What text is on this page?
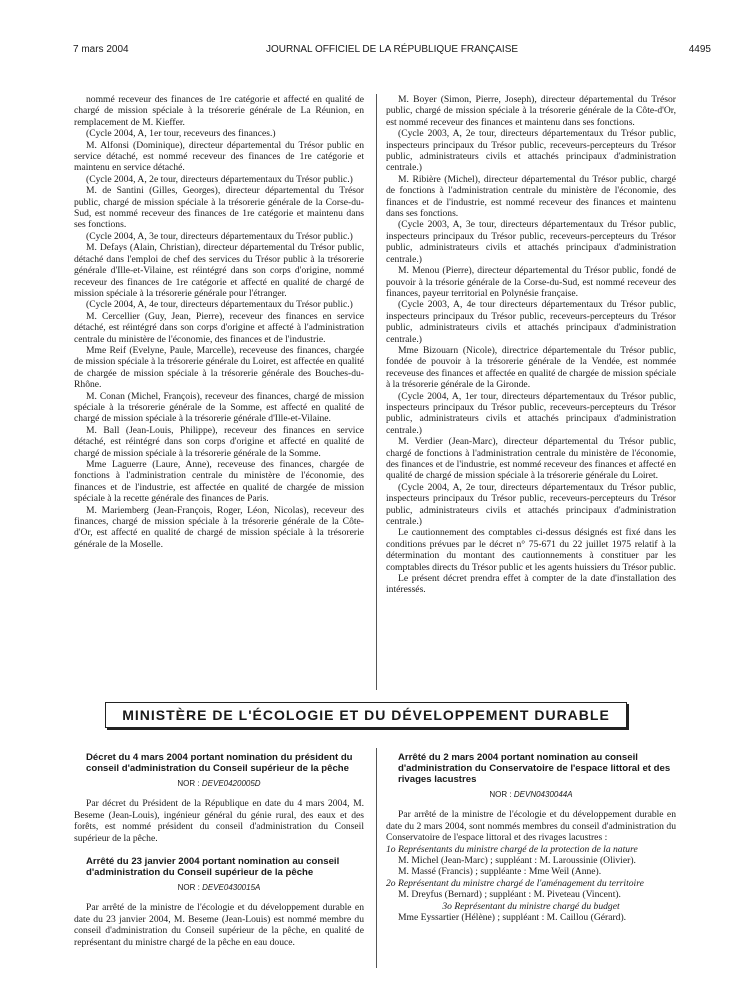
7 mars 2004	JOURNAL OFFICIEL DE LA RÉPUBLIQUE FRANÇAISE	4495

nommé receveur des finances de 1re catégorie et affecté en qualité de chargé de mission spéciale à la trésorerie générale de La Réunion, en remplacement de M. Kieffer.

(Cycle 2004, A, 1er tour, receveurs des finances.)

M. Alfonsi (Dominique), directeur départemental du Trésor public en service détaché, est nommé receveur des finances de 1re catégorie et maintenu en service détaché.

(Cycle 2004, A, 2e tour, directeurs départementaux du Trésor public.)

M. de Santini (Gilles, Georges), directeur départemental du Trésor public, chargé de mission spéciale à la trésorerie générale de la Corse-du-Sud, est nommé receveur des finances de 1re catégorie et maintenu dans ses fonctions.

(Cycle 2004, A, 3e tour, directeurs départementaux du Trésor public.)

M. Defays (Alain, Christian), directeur départemental du Trésor public, détaché dans l'emploi de chef des services du Trésor public à la trésorerie générale d'Ille-et-Vilaine, est réintégré dans son corps d'origine, nommé receveur des finances de 1re catégorie et affecté en qualité de chargé de mission spéciale à la trésorerie générale pour l'étranger.

(Cycle 2004, A, 4e tour, directeurs départementaux du Trésor public.)

M. Cercellier (Guy, Jean, Pierre), receveur des finances en service détaché, est réintégré dans son corps d'origine et affecté à l'administration centrale du ministère de l'économie, des finances et de l'industrie.

Mme Reif (Evelyne, Paule, Marcelle), receveuse des finances, chargée de mission spéciale à la trésorerie générale du Loiret, est affectée en qualité de chargée de mission spéciale à la trésorerie générale des Bouches-du-Rhône.

M. Conan (Michel, François), receveur des finances, chargé de mission spéciale à la trésorerie générale de la Somme, est affecté en qualité de chargé de mission spéciale à la trésorerie générale d'Ille-et-Vilaine.

M. Ball (Jean-Louis, Philippe), receveur des finances en service détaché, est réintégré dans son corps d'origine et affecté en qualité de chargé de mission spéciale à la trésorerie générale de la Somme.

Mme Laguerre (Laure, Anne), receveuse des finances, chargée de fonctions à l'administration centrale du ministère de l'économie, des finances et de l'industrie, est affectée en qualité de chargée de mission spéciale à la recette générale des finances de Paris.

M. Mariemberg (Jean-François, Roger, Léon, Nicolas), receveur des finances, chargé de mission spéciale à la trésorerie générale de la Côte-d'Or, est affecté en qualité de chargé de mission spéciale à la trésorerie générale de la Moselle.

M. Boyer (Simon, Pierre, Joseph), directeur départemental du Trésor public, chargé de mission spéciale à la trésorerie générale de la Côte-d'Or, est nommé receveur des finances et maintenu dans ses fonctions.

(Cycle 2003, A, 2e tour, directeurs départementaux du Trésor public, inspecteurs principaux du Trésor public, receveurs-percepteurs du Trésor public, administrateurs civils et attachés principaux d'administration centrale.)

M. Ribière (Michel), directeur départemental du Trésor public, chargé de fonctions à l'administration centrale du ministère de l'économie, des finances et de l'industrie, est nommé receveur des finances et maintenu dans ses fonctions.

(Cycle 2003, A, 3e tour, directeurs départementaux du Trésor public, inspecteurs principaux du Trésor public, receveurs-percepteurs du Trésor public, administrateurs civils et attachés principaux d'administration centrale.)

M. Menou (Pierre), directeur départemental du Trésor public, fondé de pouvoir à la trésorie générale de la Corse-du-Sud, est nommé receveur des finances, payeur territorial en Polynésie française.

(Cycle 2003, A, 4e tour directeurs départementaux du Trésor public, inspecteurs principaux du Trésor public, receveurs-percepteurs du Trésor public, administrateurs civils et attachés principaux d'administration centrale.)

Mme Bizouarn (Nicole), directrice départementale du Trésor public, fondée de pouvoir à la trésorerie générale de la Vendée, est nommée receveuse des finances et affectée en qualité de chargée de mission spéciale à la trésorerie générale de la Gironde.

(Cycle 2004, A, 1er tour, directeurs départementaux du Trésor public, inspecteurs principaux du Trésor public, receveurs-percepteurs du Trésor public, administrateurs civils et attachés principaux d'administration centrale.)

M. Verdier (Jean-Marc), directeur départemental du Trésor public, chargé de fonctions à l'administration centrale du ministère de l'économie, des finances et de l'industrie, est nommé receveur des finances et affecté en qualité de chargé de mission spéciale à la trésorerie générale du Loiret.

(Cycle 2004, A, 2e tour, directeurs départementaux du Trésor public, inspecteurs principaux du Trésor public, receveurs-percepteurs du Trésor public, administrateurs civils et attachés principaux d'administration centrale.)

Le cautionnement des comptables ci-dessus désignés est fixé dans les conditions prévues par le décret n° 75-671 du 22 juillet 1975 relatif à la détermination du montant des cautionnements à constituer par les comptables directs du Trésor public et les agents huissiers du Trésor public.

Le présent décret prendra effet à compter de la date d'installation des intéressés.

MINISTÈRE DE L'ÉCOLOGIE ET DU DÉVELOPPEMENT DURABLE
Décret du 4 mars 2004 portant nomination du président du conseil d'administration du Conseil supérieur de la pêche
NOR : DEVE0420005D

Par décret du Président de la République en date du 4 mars 2004, M. Beseme (Jean-Louis), ingénieur général du génie rural, des eaux et des forêts, est nommé président du conseil d'administration du Conseil supérieur de la pêche.

Arrêté du 23 janvier 2004 portant nomination au conseil d'administration du Conseil supérieur de la pêche
NOR : DEVE0430015A

Par arrêté de la ministre de l'écologie et du développement durable en date du 23 janvier 2004, M. Beseme (Jean-Louis) est nommé membre du conseil d'administration du Conseil supérieur de la pêche, en qualité de représentant du ministre chargé de la pêche en eau douce.

Arrêté du 2 mars 2004 portant nomination au conseil d'administration du Conservatoire de l'espace littoral et des rivages lacustres
NOR : DEVN0430044A

Par arrêté de la ministre de l'écologie et du développement durable en date du 2 mars 2004, sont nommés membres du conseil d'administration du Conservatoire de l'espace littoral et des rivages lacustres :

1o Représentants du ministre chargé de la protection de la nature

M. Michel (Jean-Marc) ; suppléant : M. Laroussinie (Olivier).

M. Massé (Francis) ; suppléante : Mme Weil (Anne).

2o Représentant du ministre chargé de l'aménagement du territoire

M. Dreyfus (Bernard) ; suppléant : M. Piveteau (Vincent).

3o Représentant du ministre chargé du budget

Mme Eyssartier (Hélène) ; suppléant : M. Caillou (Gérard).
